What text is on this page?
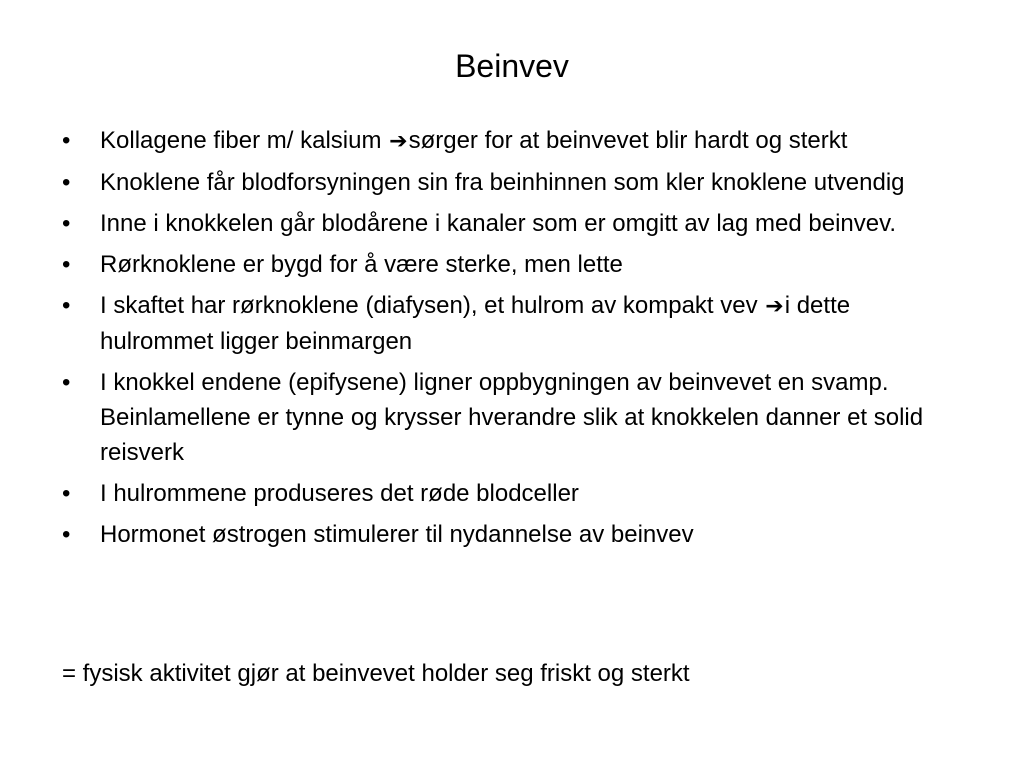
Beinvev
• Kollagene fiber m/ kalsium ➔sørger for at beinvevet blir hardt og sterkt
• Knoklene får blodforsyningen sin fra beinhinnen som kler knoklene utvendig
• Inne i knokkelen går blodårene i kanaler som er omgitt av lag med beinvev.
• Rørknoklene er bygd for å være sterke, men lette
• I skaftet har rørknoklene (diafysen), et hulrom av kompakt vev ➔i dette hulrommet ligger beinmargen
• I knokkel endene (epifysene) ligner oppbygningen av beinvevet en svamp. Beinlamellene er tynne og krysser hverandre slik at knokkelen danner et solid reisverk
• I hulrommene produseres det røde blodceller
• Hormonet østrogen stimulerer til nydannelse av beinvev

= fysisk aktivitet gjør at beinvevet holder seg friskt og sterkt
